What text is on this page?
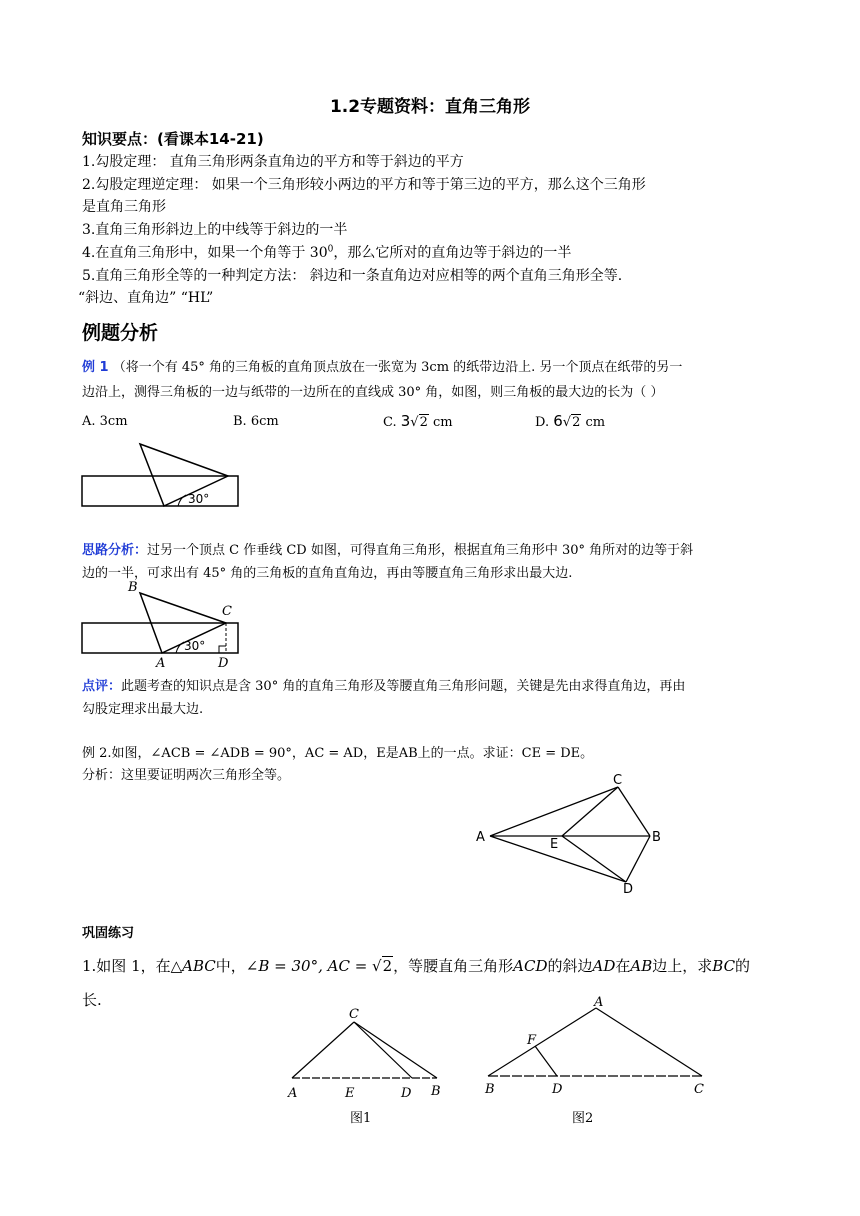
1.2专题资料：直角三角形
知识要点：(看课本14-21)
1.勾股定理： 直角三角形两条直角边的平方和等于斜边的平方
2.勾股定理逆定理： 如果一个三角形较小两边的平方和等于第三边的平方，那么这个三角形
是直角三角形
3.直角三角形斜边上的中线等于斜边的一半
4.在直角三角形中，如果一个角等于 $30^0$，那么它所对的直角边等于斜边的一半
5.直角三角形全等的一种判定方法： 斜边和一条直角边对应相等的两个直角三角形全等.
“斜边、直角边” “HL”
例题分析
例 1 （将一个有 45° 角的三角板的直角顶点放在一张宽为 3cm 的纸带边沿上. 另一个顶点在纸带的另一
边沿上，测得三角板的一边与纸带的一边所在的直线成 30° 角，如图，则三角板的最大边的长为（ ）
A. 3cm	B. 6cm	C. 3√2 cm	D. 6√2 cm
30°
思路分析：过另一个顶点 C 作垂线 CD 如图，可得直角三角形，根据直角三角形中 30° 角所对的边等于斜
边的一半，可求出有 45° 角的三角板的直角直角边，再由等腰直角三角形求出最大边.
30°
B
C
A	D
点评：此题考查的知识点是含 30° 角的直角三角形及等腰直角三角形问题，关键是先由求得直角边，再由
勾股定理求出最大边.
例 2.如图，∠ACB = ∠ADB = 90°，AC = AD，E是AB上的一点。求证：CE = DE。
分析：这里要证明两次三角形全等。	C
A	B
E
D
巩固练习
1.如图 1，在△ABC中，∠B = 30°, AC = √2，等腰直角三角形ACD的斜边AD在AB边上，求BC的
长.
C
A	E	D B
图1
A
F
B	D	C
图2
